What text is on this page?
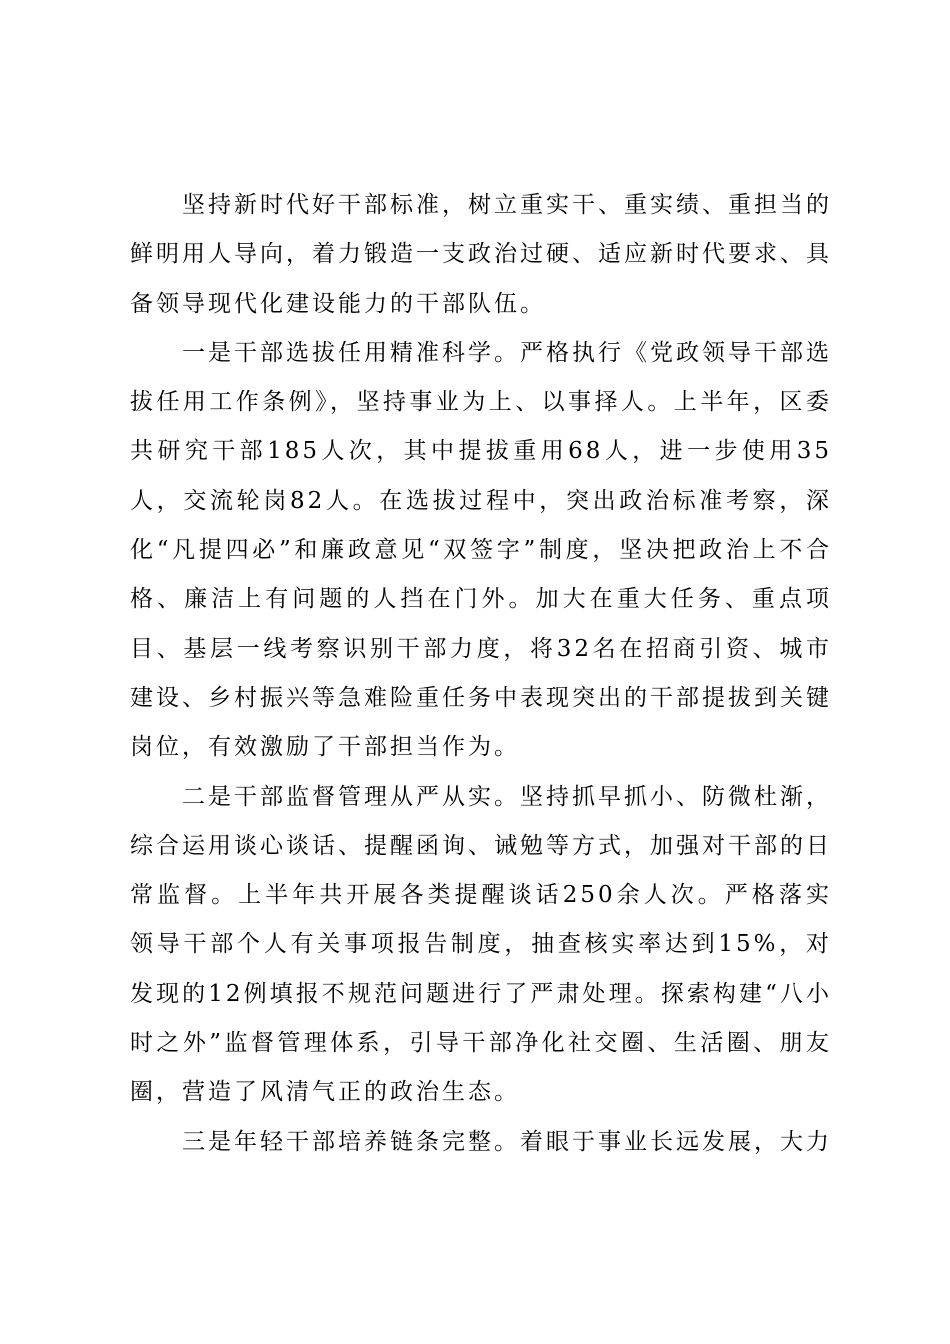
坚持新时代好干部标准，树立重实干、重实绩、重担当的鲜明用人导向，着力锻造一支政治过硬、适应新时代要求、具备领导现代化建设能力的干部队伍。

一是干部选拔任用精准科学。严格执行《党政领导干部选拔任用工作条例》，坚持事业为上、以事择人。上半年，区委共研究干部185人次，其中提拔重用68人，进一步使用35人，交流轮岗82人。在选拔过程中，突出政治标准考察，深化“凡提四必”和廉政意见“双签字”制度，坚决把政治上不合格、廉洁上有问题的人挡在门外。加大在重大任务、重点项目、基层一线考察识别干部力度，将32名在招商引资、城市建设、乡村振兴等急难险重任务中表现突出的干部提拔到关键岗位，有效激励了干部担当作为。

二是干部监督管理从严从实。坚持抓早抓小、防微杜渐，综合运用谈心谈话、提醒函询、诫勉等方式，加强对干部的日常监督。上半年共开展各类提醒谈话250余人次。严格落实领导干部个人有关事项报告制度，抽查核实率达到15%，对发现的12例填报不规范问题进行了严肃处理。探索构建“八小时之外”监督管理体系，引导干部净化社交圈、生活圈、朋友圈，营造了风清气正的政治生态。

三是年轻干部培养链条完整。着眼于事业长远发展，大力
